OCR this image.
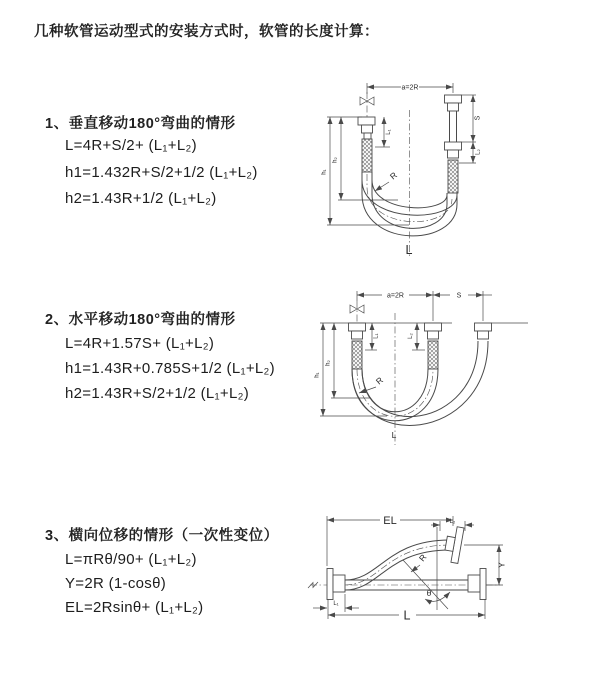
几种软管运动型式的安装方式时，软管的长度计算：
1、垂直移动180°弯曲的情形
L=4R+S/2+ (L₁+L₂)
h1=1.432R+S/2+1/2 (L₁+L₂)
h2=1.43R+1/2 (L₁+L₂)
a=2R
L₁
S
L₂
h₁
h₂
R
L
2、水平移动180°弯曲的情形
L=4R+1.57S+ (L₁+L₂)
h1=1.43R+0.785S+1/2 (L₁+L₂)
h2=1.43R+S/2+1/2 (L₁+L₂)
a=2R	S
L₁	L₂
h₁
h₂
R
L
3、横向位移的情形（一次性变位）
L=πRθ/90+ (L₁+L₂)
Y=2R (1-cosθ)
EL=2Rsinθ+ (L₁+L₂)
EL	L₂
Y
R
θ
L
L₁
